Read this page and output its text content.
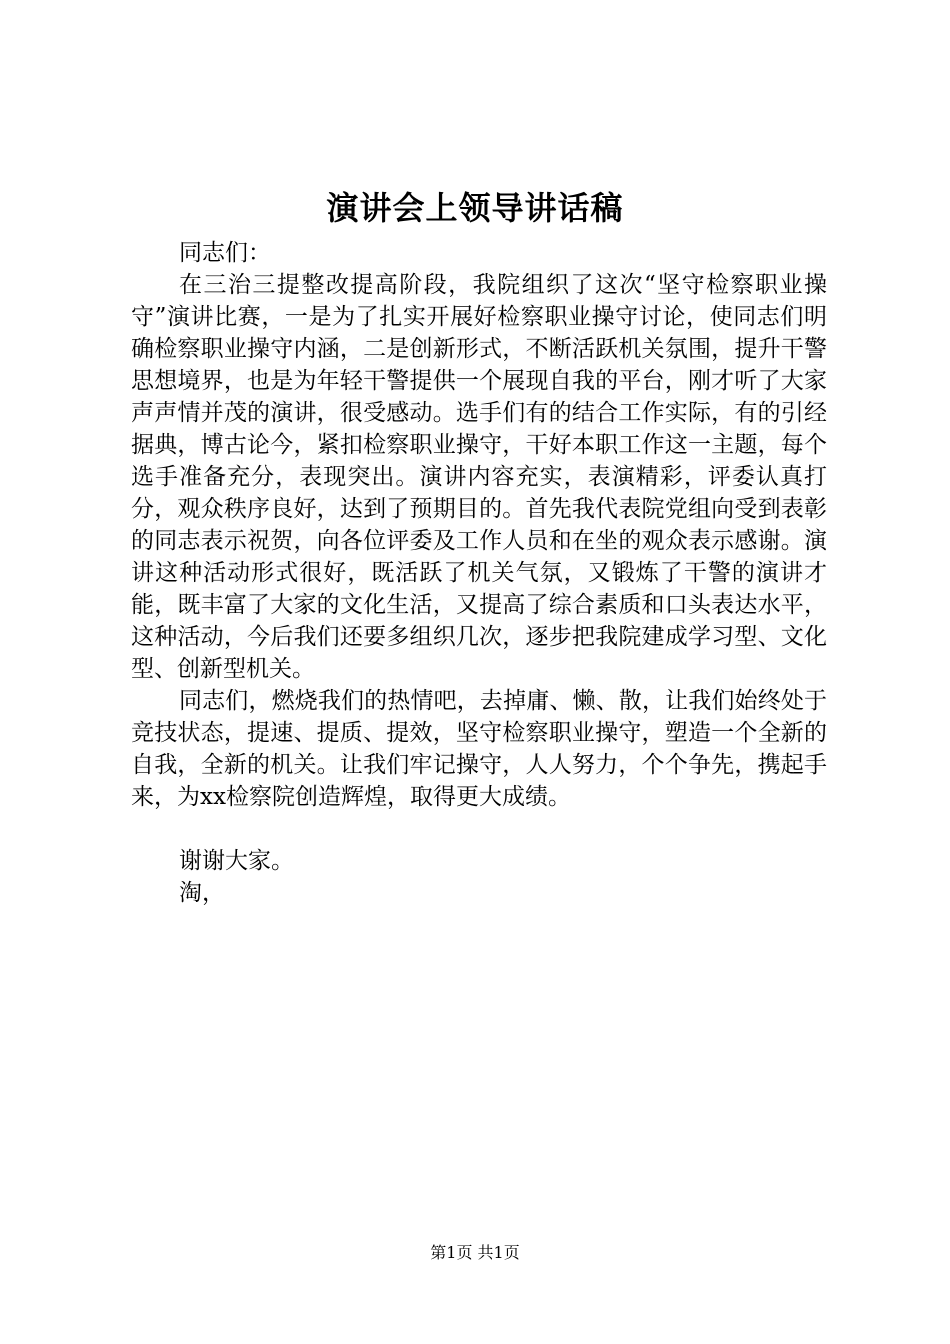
演讲会上领导讲话稿

同志们：

在三治三提整改提高阶段，我院组织了这次“坚守检察职业操守”演讲比赛，一是为了扎实开展好检察职业操守讨论，使同志们明确检察职业操守内涵，二是创新形式，不断活跃机关氛围，提升干警思想境界，也是为年轻干警提供一个展现自我的平台，刚才听了大家声声情并茂的演讲，很受感动。选手们有的结合工作实际，有的引经据典，博古论今，紧扣检察职业操守，干好本职工作这一主题，每个选手准备充分，表现突出。演讲内容充实，表演精彩，评委认真打分，观众秩序良好，达到了预期目的。首先我代表院党组向受到表彰的同志表示祝贺，向各位评委及工作人员和在坐的观众表示感谢。演讲这种活动形式很好，既活跃了机关气氛，又锻炼了干警的演讲才能，既丰富了大家的文化生活，又提高了综合素质和口头表达水平，这种活动，今后我们还要多组织几次，逐步把我院建成学习型、文化型、创新型机关。

同志们，燃烧我们的热情吧，去掉庸、懒、散，让我们始终处于竞技状态，提速、提质、提效，坚守检察职业操守，塑造一个全新的自我，全新的机关。让我们牢记操守，人人努力，个个争先，携起手来，为xx检察院创造辉煌，取得更大成绩。

谢谢大家。

淘，

第1页 共1页
